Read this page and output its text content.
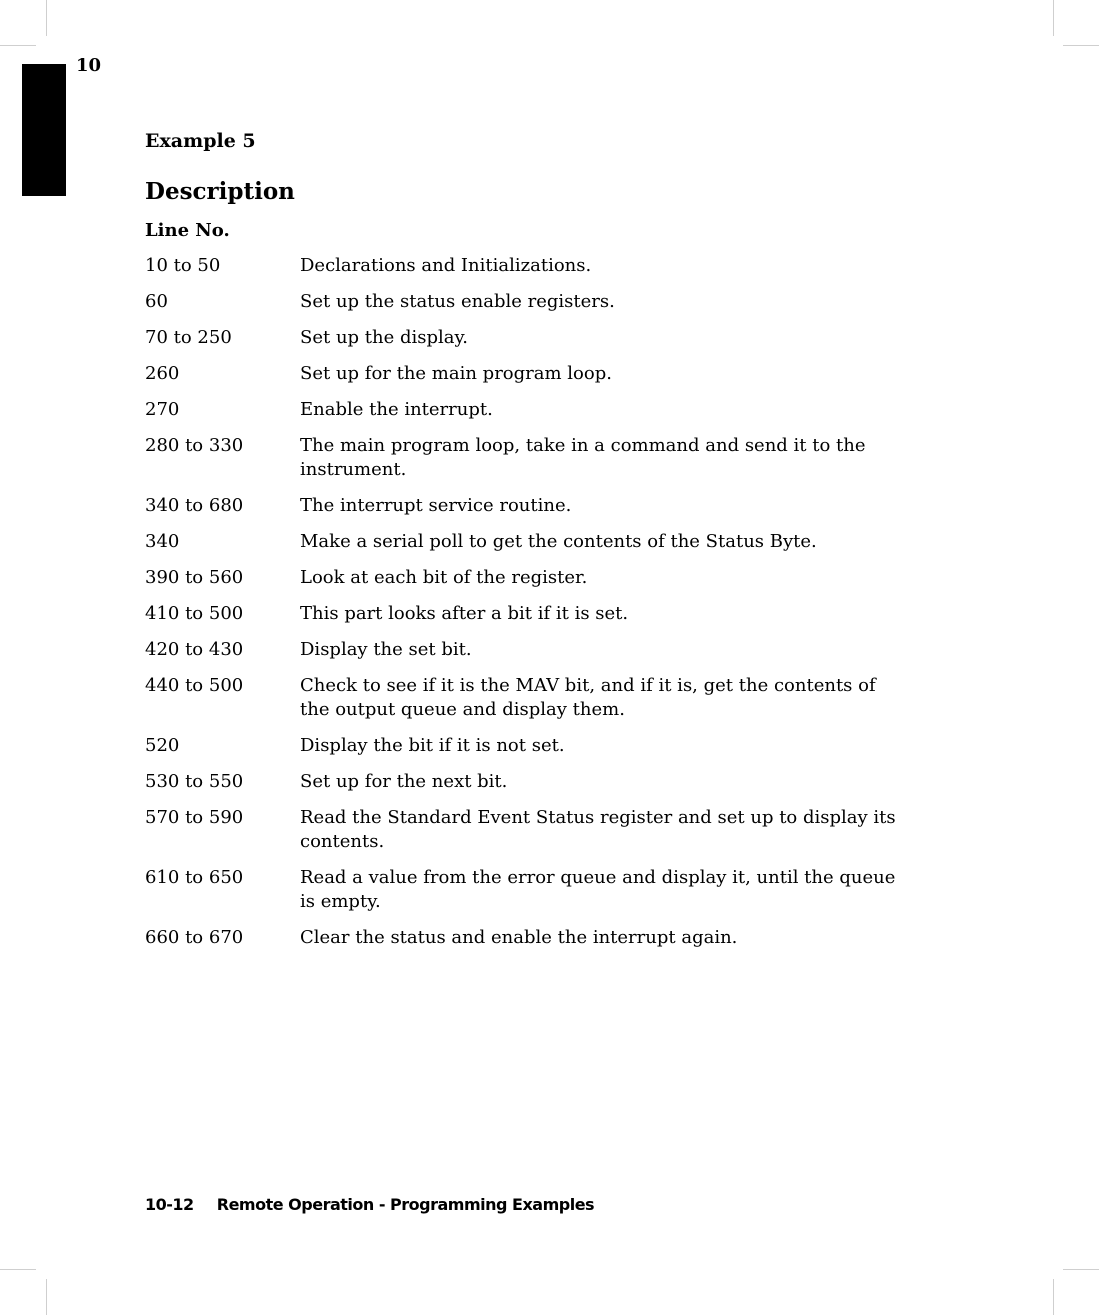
10
Example 5
Description
Line No.
10 to 50	Declarations and Initializations.
60	Set up the status enable registers.
70 to 250	Set up the display.
260	Set up for the main program loop.
270	Enable the interrupt.
280 to 330	The main program loop, take in a command and send it to the instrument.
340 to 680	The interrupt service routine.
340	Make a serial poll to get the contents of the Status Byte.
390 to 560	Look at each bit of the register.
410 to 500	This part looks after a bit if it is set.
420 to 430	Display the set bit.
440 to 500	Check to see if it is the MAV bit, and if it is, get the contents of the output queue and display them.
520	Display the bit if it is not set.
530 to 550	Set up for the next bit.
570 to 590	Read the Standard Event Status register and set up to display its contents.
610 to 650	Read a value from the error queue and display it, until the queue is empty.
660 to 670	Clear the status and enable the interrupt again.
10-12 Remote Operation - Programming Examples
